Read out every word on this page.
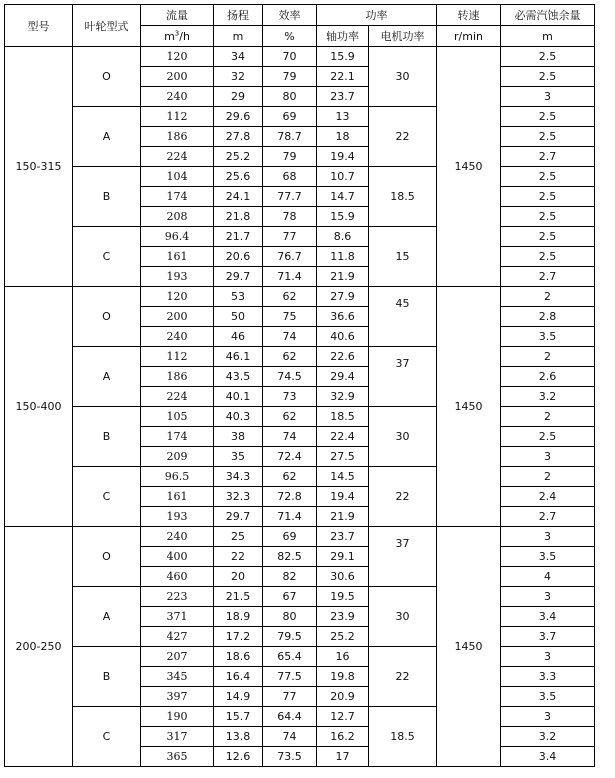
型号	叶轮型式	流量	扬程	效率	功率		转速	必需汽蚀余量
		$m^3/h$	m	%	轴功率	电机功率	r/min	m
150-315	O	120	34	70	15.9	30	1450	2.5
		200	32	79	22.1			2.5
		240	29	80	23.7			3
	A	112	29.6	69	13	22		2.5
		186	27.8	78.7	18			2.5
		224	25.2	79	19.4			2.7
	B	104	25.6	68	10.7	18.5		2.5
		174	24.1	77.7	14.7			2.5
		208	21.8	78	15.9			2.5
	C	96.4	21.7	77	8.6	15		2.5
		161	20.6	76.7	11.8			2.5
		193	29.7	71.4	21.9			2.7
150-400	O	120	53	62	27.9	45	1450	2
		200	50	75	36.6			2.8
		240	46	74	40.6			3.5
	A	112	46.1	62	22.6	37		2
		186	43.5	74.5	29.4			2.6
		224	40.1	73	32.9			3.2
	B	105	40.3	62	18.5	30		2
		174	38	74	22.4			2.5
		209	35	72.4	27.5			3
	C	96.5	34.3	62	14.5	22		2
		161	32.3	72.8	19.4			2.4
		193	29.7	71.4	21.9			2.7
200-250	O	240	25	69	23.7	37	1450	3
		400	22	82.5	29.1			3.5
		460	20	82	30.6			4
	A	223	21.5	67	19.5	30		3
		371	18.9	80	23.9			3.4
		427	17.2	79.5	25.2			3.7
	B	207	18.6	65.4	16	22		3
		345	16.4	77.5	19.8			3.3
		397	14.9	77	20.9			3.5
	C	190	15.7	64.4	12.7	18.5		3
		317	13.8	74	16.2			3.2
		365	12.6	73.5	17			3.4
